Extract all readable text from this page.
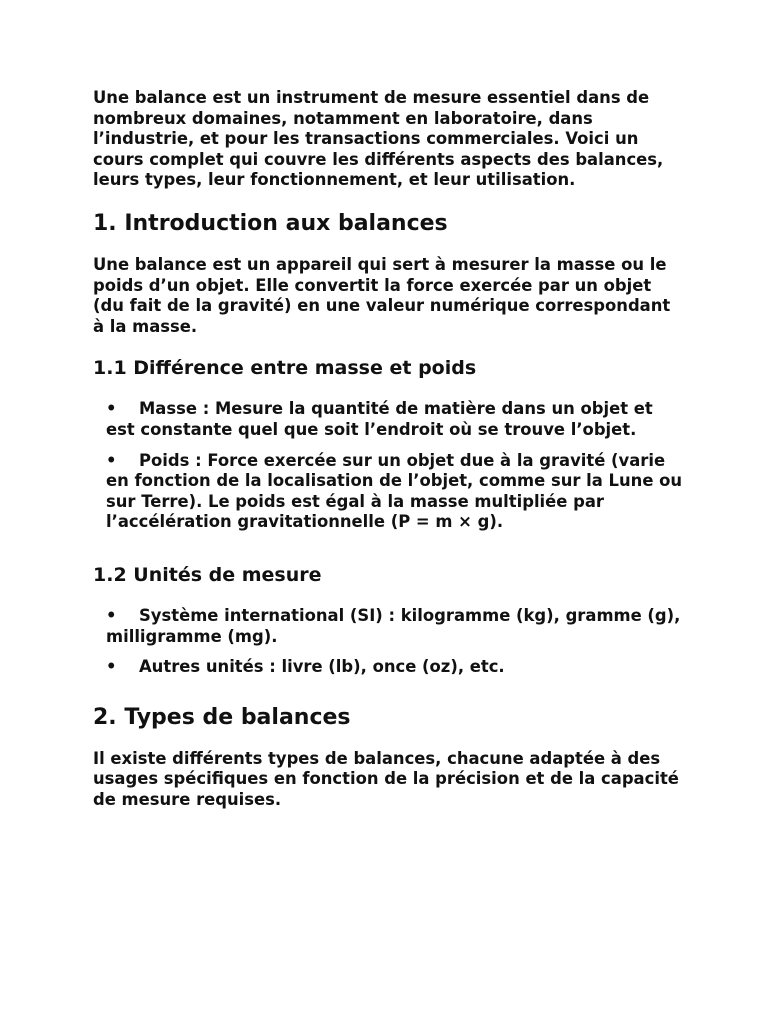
Une balance est un instrument de mesure essentiel dans de nombreux domaines, notamment en laboratoire, dans l’industrie, et pour les transactions commerciales. Voici un cours complet qui couvre les différents aspects des balances, leurs types, leur fonctionnement, et leur utilisation.

1. Introduction aux balances

Une balance est un appareil qui sert à mesurer la masse ou le poids d’un objet. Elle convertit la force exercée par un objet (du fait de la gravité) en une valeur numérique correspondant à la masse.

1.1 Différence entre masse et poids
• Masse : Mesure la quantité de matière dans un objet et est constante quel que soit l’endroit où se trouve l’objet.
• Poids : Force exercée sur un objet due à la gravité (varie en fonction de la localisation de l’objet, comme sur la Lune ou sur Terre). Le poids est égal à la masse multipliée par l’accélération gravitationnelle (P = m × g).
1.2 Unités de mesure
• Système international (SI) : kilogramme (kg), gramme (g), milligramme (mg).
• Autres unités : livre (lb), once (oz), etc.
2. Types de balances

Il existe différents types de balances, chacune adaptée à des usages spécifiques en fonction de la précision et de la capacité de mesure requises.
